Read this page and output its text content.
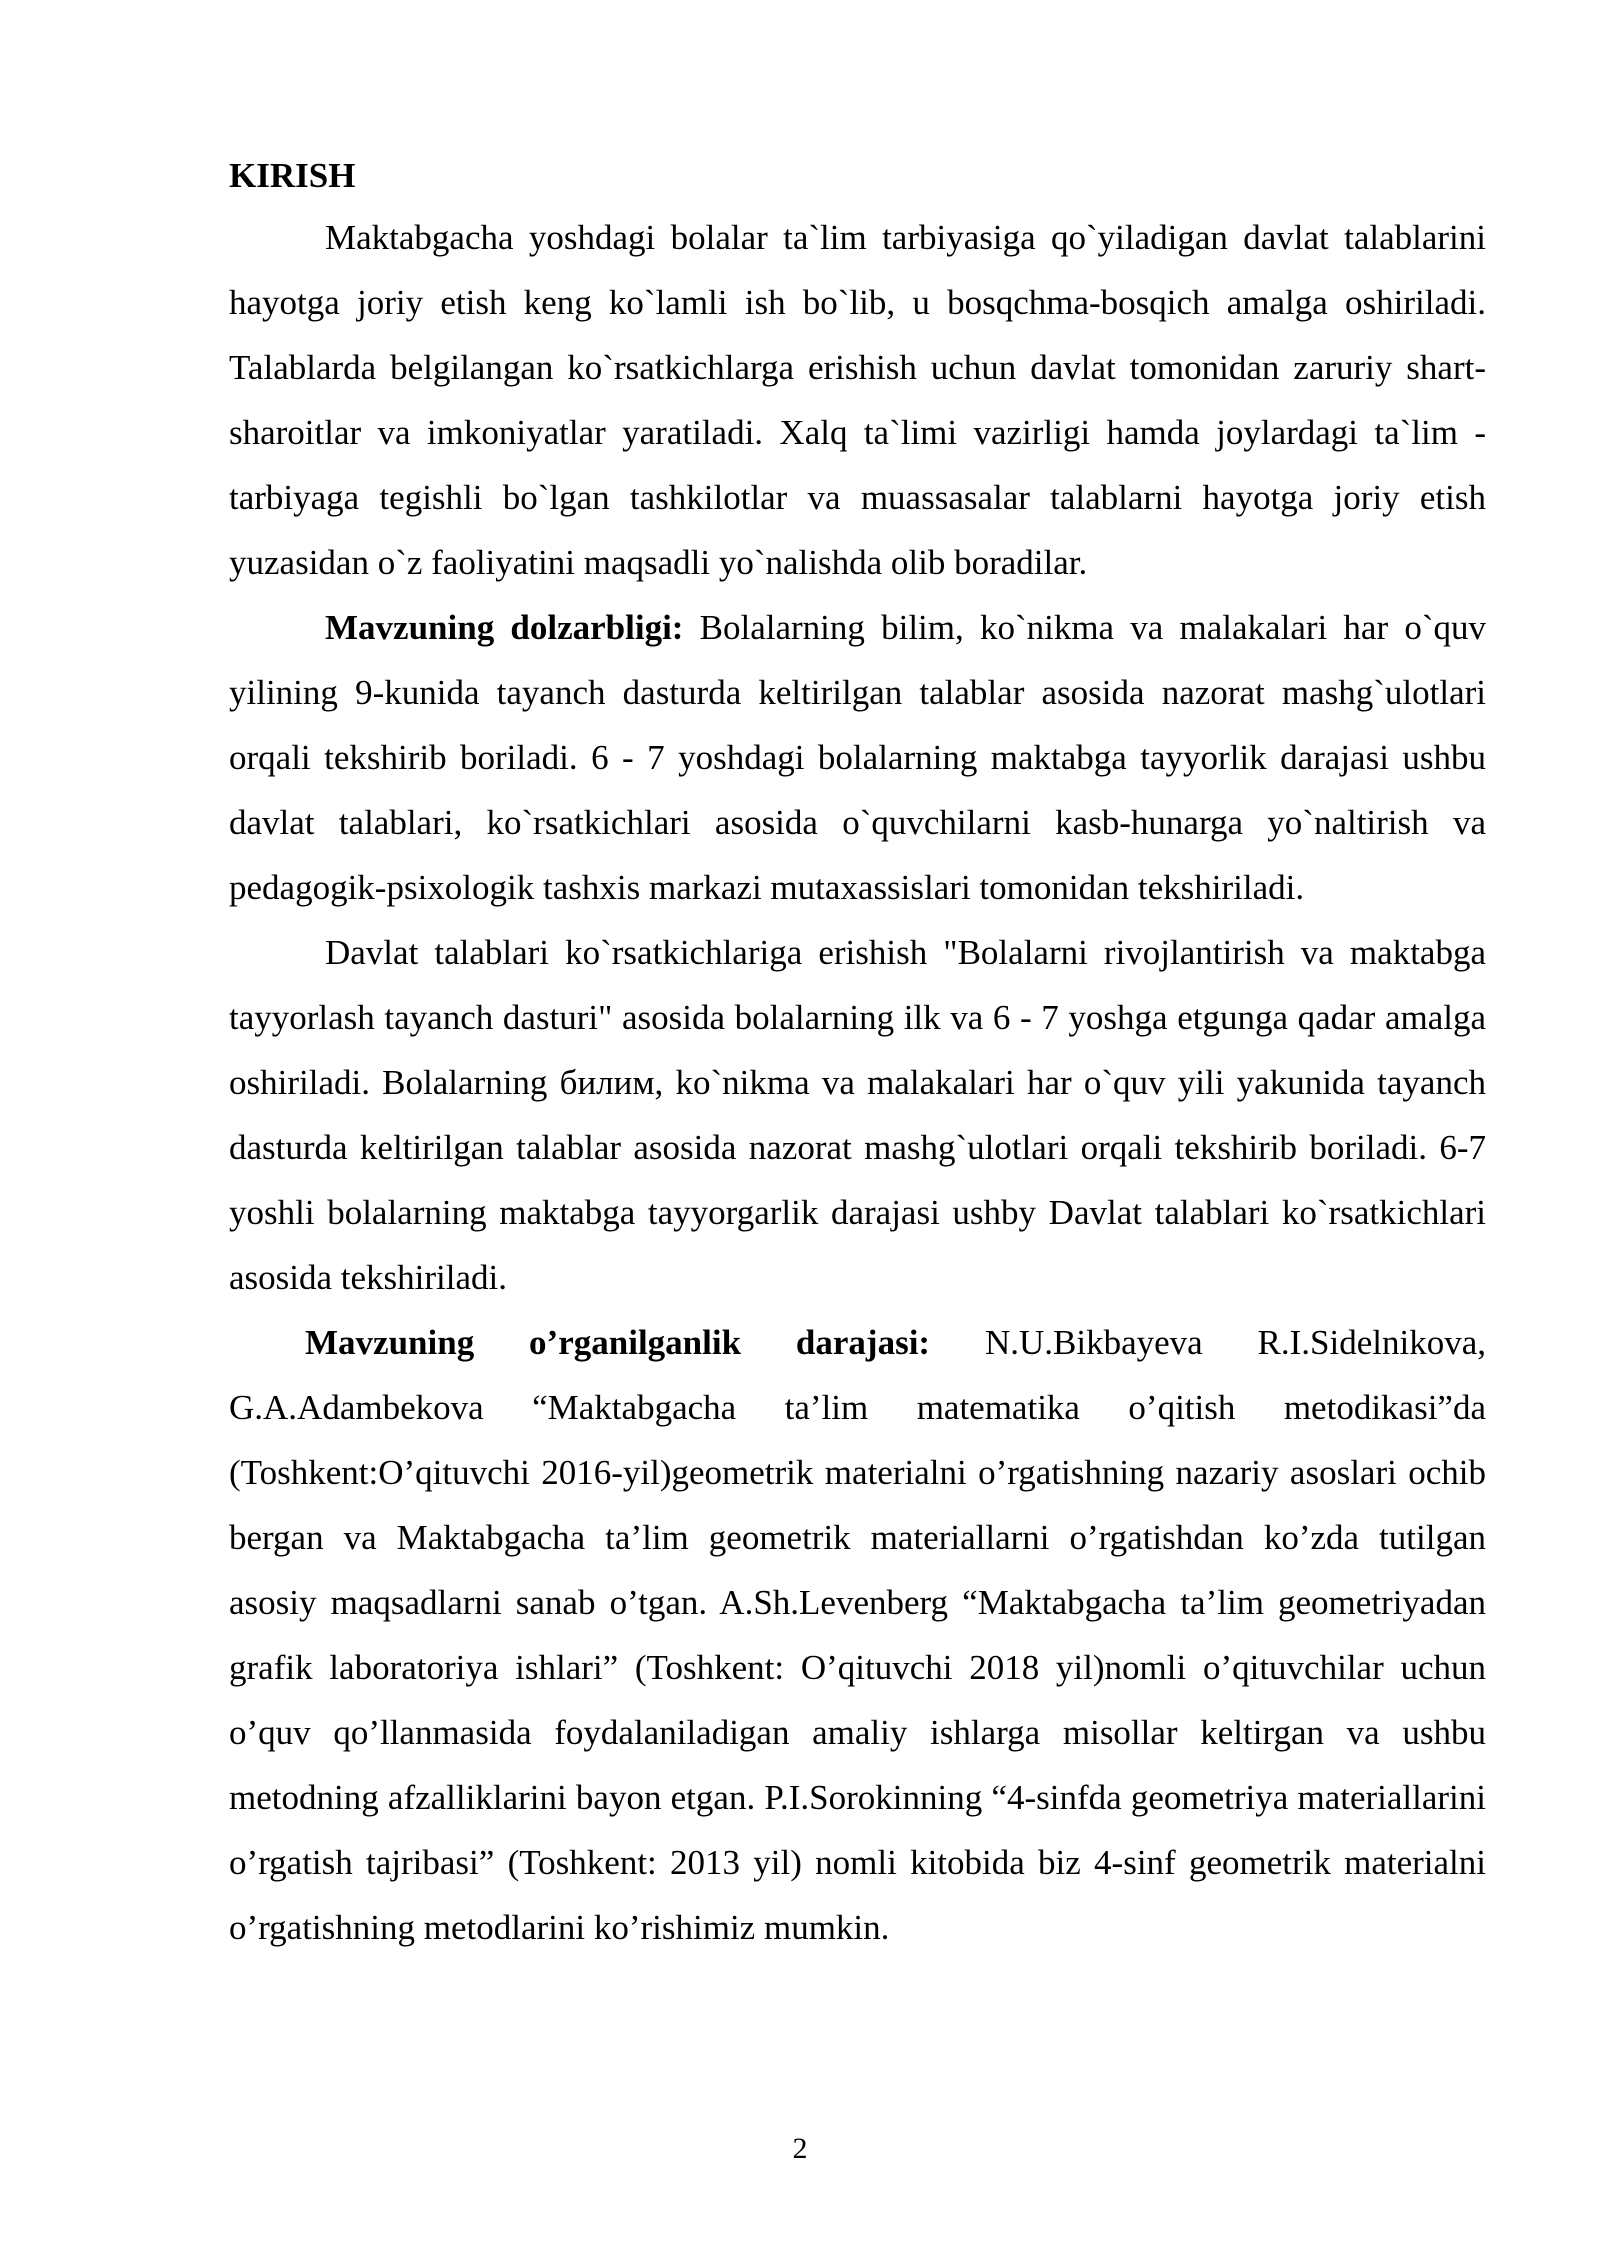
KIRISH

Maktabgacha yoshdagi bolalar ta`lim tarbiyasiga qo`yiladigan davlat talablarini hayotga joriy etish keng ko`lamli ish bo`lib, u bosqchma-bosqich amalga oshiriladi. Talablarda belgilangan ko`rsatkichlarga erishish uchun davlat tomonidan zaruriy shart-sharoitlar va imkoniyatlar yaratiladi. Xalq ta`limi vazirligi hamda joylardagi ta`lim - tarbiyaga tegishli bo`lgan tashkilotlar va muassasalar talablarni hayotga joriy etish yuzasidan o`z faoliyatini maqsadli yo`nalishda olib boradilar.

Mavzuning dolzarbligi: Bolalarning bilim, ko`nikma va malakalari har o`quv yilining 9-kunida tayanch dasturda keltirilgan talablar asosida nazorat mashg`ulotlari orqali tekshirib boriladi. 6 - 7 yoshdagi bolalarning maktabga tayyorlik darajasi ushbu davlat talablari, ko`rsatkichlari asosida o`quvchilarni kasb-hunarga yo`naltirish va pedagogik-psixologik tashxis markazi mutaxassislari tomonidan tekshiriladi.

Davlat talablari ko`rsatkichlariga erishish "Bolalarni rivojlantirish va maktabga tayyorlash tayanch dasturi" asosida bolalarning ilk va 6 - 7 yoshga etgunga qadar amalga oshiriladi. Bolalarning билим, ko`nikma va malakalari har o`quv yili yakunida tayanch dasturda keltirilgan talablar asosida nazorat mashg`ulotlari orqali tekshirib boriladi. 6-7 yoshli bolalarning maktabga tayyorgarlik darajasi ushby Davlat talablari ko`rsatkichlari asosida tekshiriladi.

Mavzuning o’rganilganlik darajasi: N.U.Bikbayeva R.I.Sidelnikova, G.A.Adambekova “Maktabgacha ta’lim matematika o’qitish metodikasi”da (Toshkent:O’qituvchi 2016-yil)geometrik materialni o’rgatishning nazariy asoslari ochib bergan va Maktabgacha ta’lim geometrik materiallarni o’rgatishdan ko’zda tutilgan asosiy maqsadlarni sanab o’tgan. A.Sh.Levenberg “Maktabgacha ta’lim geometriyadan grafik laboratoriya ishlari” (Toshkent: O’qituvchi 2018 yil)nomli o’qituvchilar uchun o’quv qo’llanmasida foydalaniladigan amaliy ishlarga misollar keltirgan va ushbu metodning afzalliklarini bayon etgan. P.I.Sorokinning “4-sinfda geometriya materiallarini o’rgatish tajribasi” (Toshkent: 2013 yil) nomli kitobida biz 4-sinf geometrik materialni o’rgatishning metodlarini ko’rishimiz mumkin.

2
